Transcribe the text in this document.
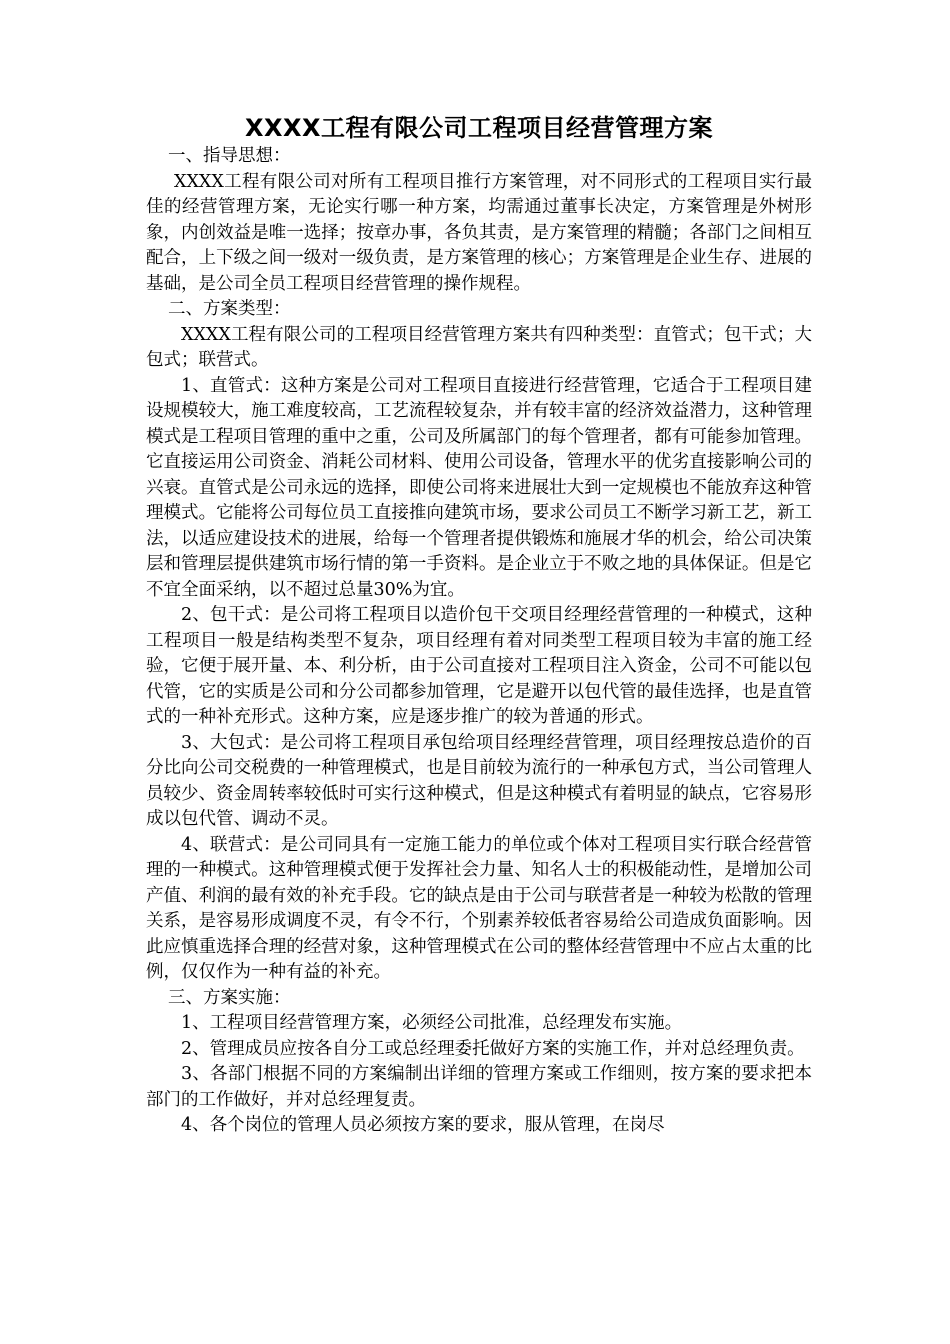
XXXX工程有限公司工程项目经营管理方案

一、指导思想：

XXXX工程有限公司对所有工程项目推行方案管理，对不同形式的工程项目实行最佳的经营管理方案，无论实行哪一种方案，均需通过董事长决定，方案管理是外树形象，内创效益是唯一选择；按章办事，各负其责，是方案管理的精髓；各部门之间相互配合，上下级之间一级对一级负责，是方案管理的核心；方案管理是企业生存、进展的基础，是公司全员工程项目经营管理的操作规程。

二、方案类型：

XXXX工程有限公司的工程项目经营管理方案共有四种类型：直管式；包干式；大包式；联营式。

1、直管式：这种方案是公司对工程项目直接进行经营管理，它适合于工程项目建设规模较大，施工难度较高，工艺流程较复杂，并有较丰富的经济效益潜力，这种管理模式是工程项目管理的重中之重，公司及所属部门的每个管理者，都有可能参加管理。它直接运用公司资金、消耗公司材料、使用公司设备，管理水平的优劣直接影响公司的兴衰。直管式是公司永远的选择，即使公司将来进展壮大到一定规模也不能放弃这种管理模式。它能将公司每位员工直接推向建筑市场，要求公司员工不断学习新工艺，新工法，以适应建设技术的进展，给每一个管理者提供锻炼和施展才华的机会，给公司决策层和管理层提供建筑市场行情的第一手资料。是企业立于不败之地的具体保证。但是它不宜全面采纳，以不超过总量30%为宜。

2、包干式：是公司将工程项目以造价包干交项目经理经营管理的一种模式，这种工程项目一般是结构类型不复杂，项目经理有着对同类型工程项目较为丰富的施工经验，它便于展开量、本、利分析，由于公司直接对工程项目注入资金，公司不可能以包代管，它的实质是公司和分公司都参加管理，它是避开以包代管的最佳选择，也是直管式的一种补充形式。这种方案，应是逐步推广的较为普通的形式。

3、大包式：是公司将工程项目承包给项目经理经营管理，项目经理按总造价的百分比向公司交税费的一种管理模式，也是目前较为流行的一种承包方式，当公司管理人员较少、资金周转率较低时可实行这种模式，但是这种模式有着明显的缺点，它容易形成以包代管、调动不灵。

4、联营式：是公司同具有一定施工能力的单位或个体对工程项目实行联合经营管理的一种模式。这种管理模式便于发挥社会力量、知名人士的积极能动性，是增加公司产值、利润的最有效的补充手段。它的缺点是由于公司与联营者是一种较为松散的管理关系，是容易形成调度不灵，有令不行，个别素养较低者容易给公司造成负面影响。因此应慎重选择合理的经营对象，这种管理模式在公司的整体经营管理中不应占太重的比例，仅仅作为一种有益的补充。

三、方案实施：

1、工程项目经营管理方案，必须经公司批准，总经理发布实施。

2、管理成员应按各自分工或总经理委托做好方案的实施工作，并对总经理负责。

3、各部门根据不同的方案编制出详细的管理方案或工作细则，按方案的要求把本部门的工作做好，并对总经理复责。

4、各个岗位的管理人员必须按方案的要求，服从管理，在岗尽
